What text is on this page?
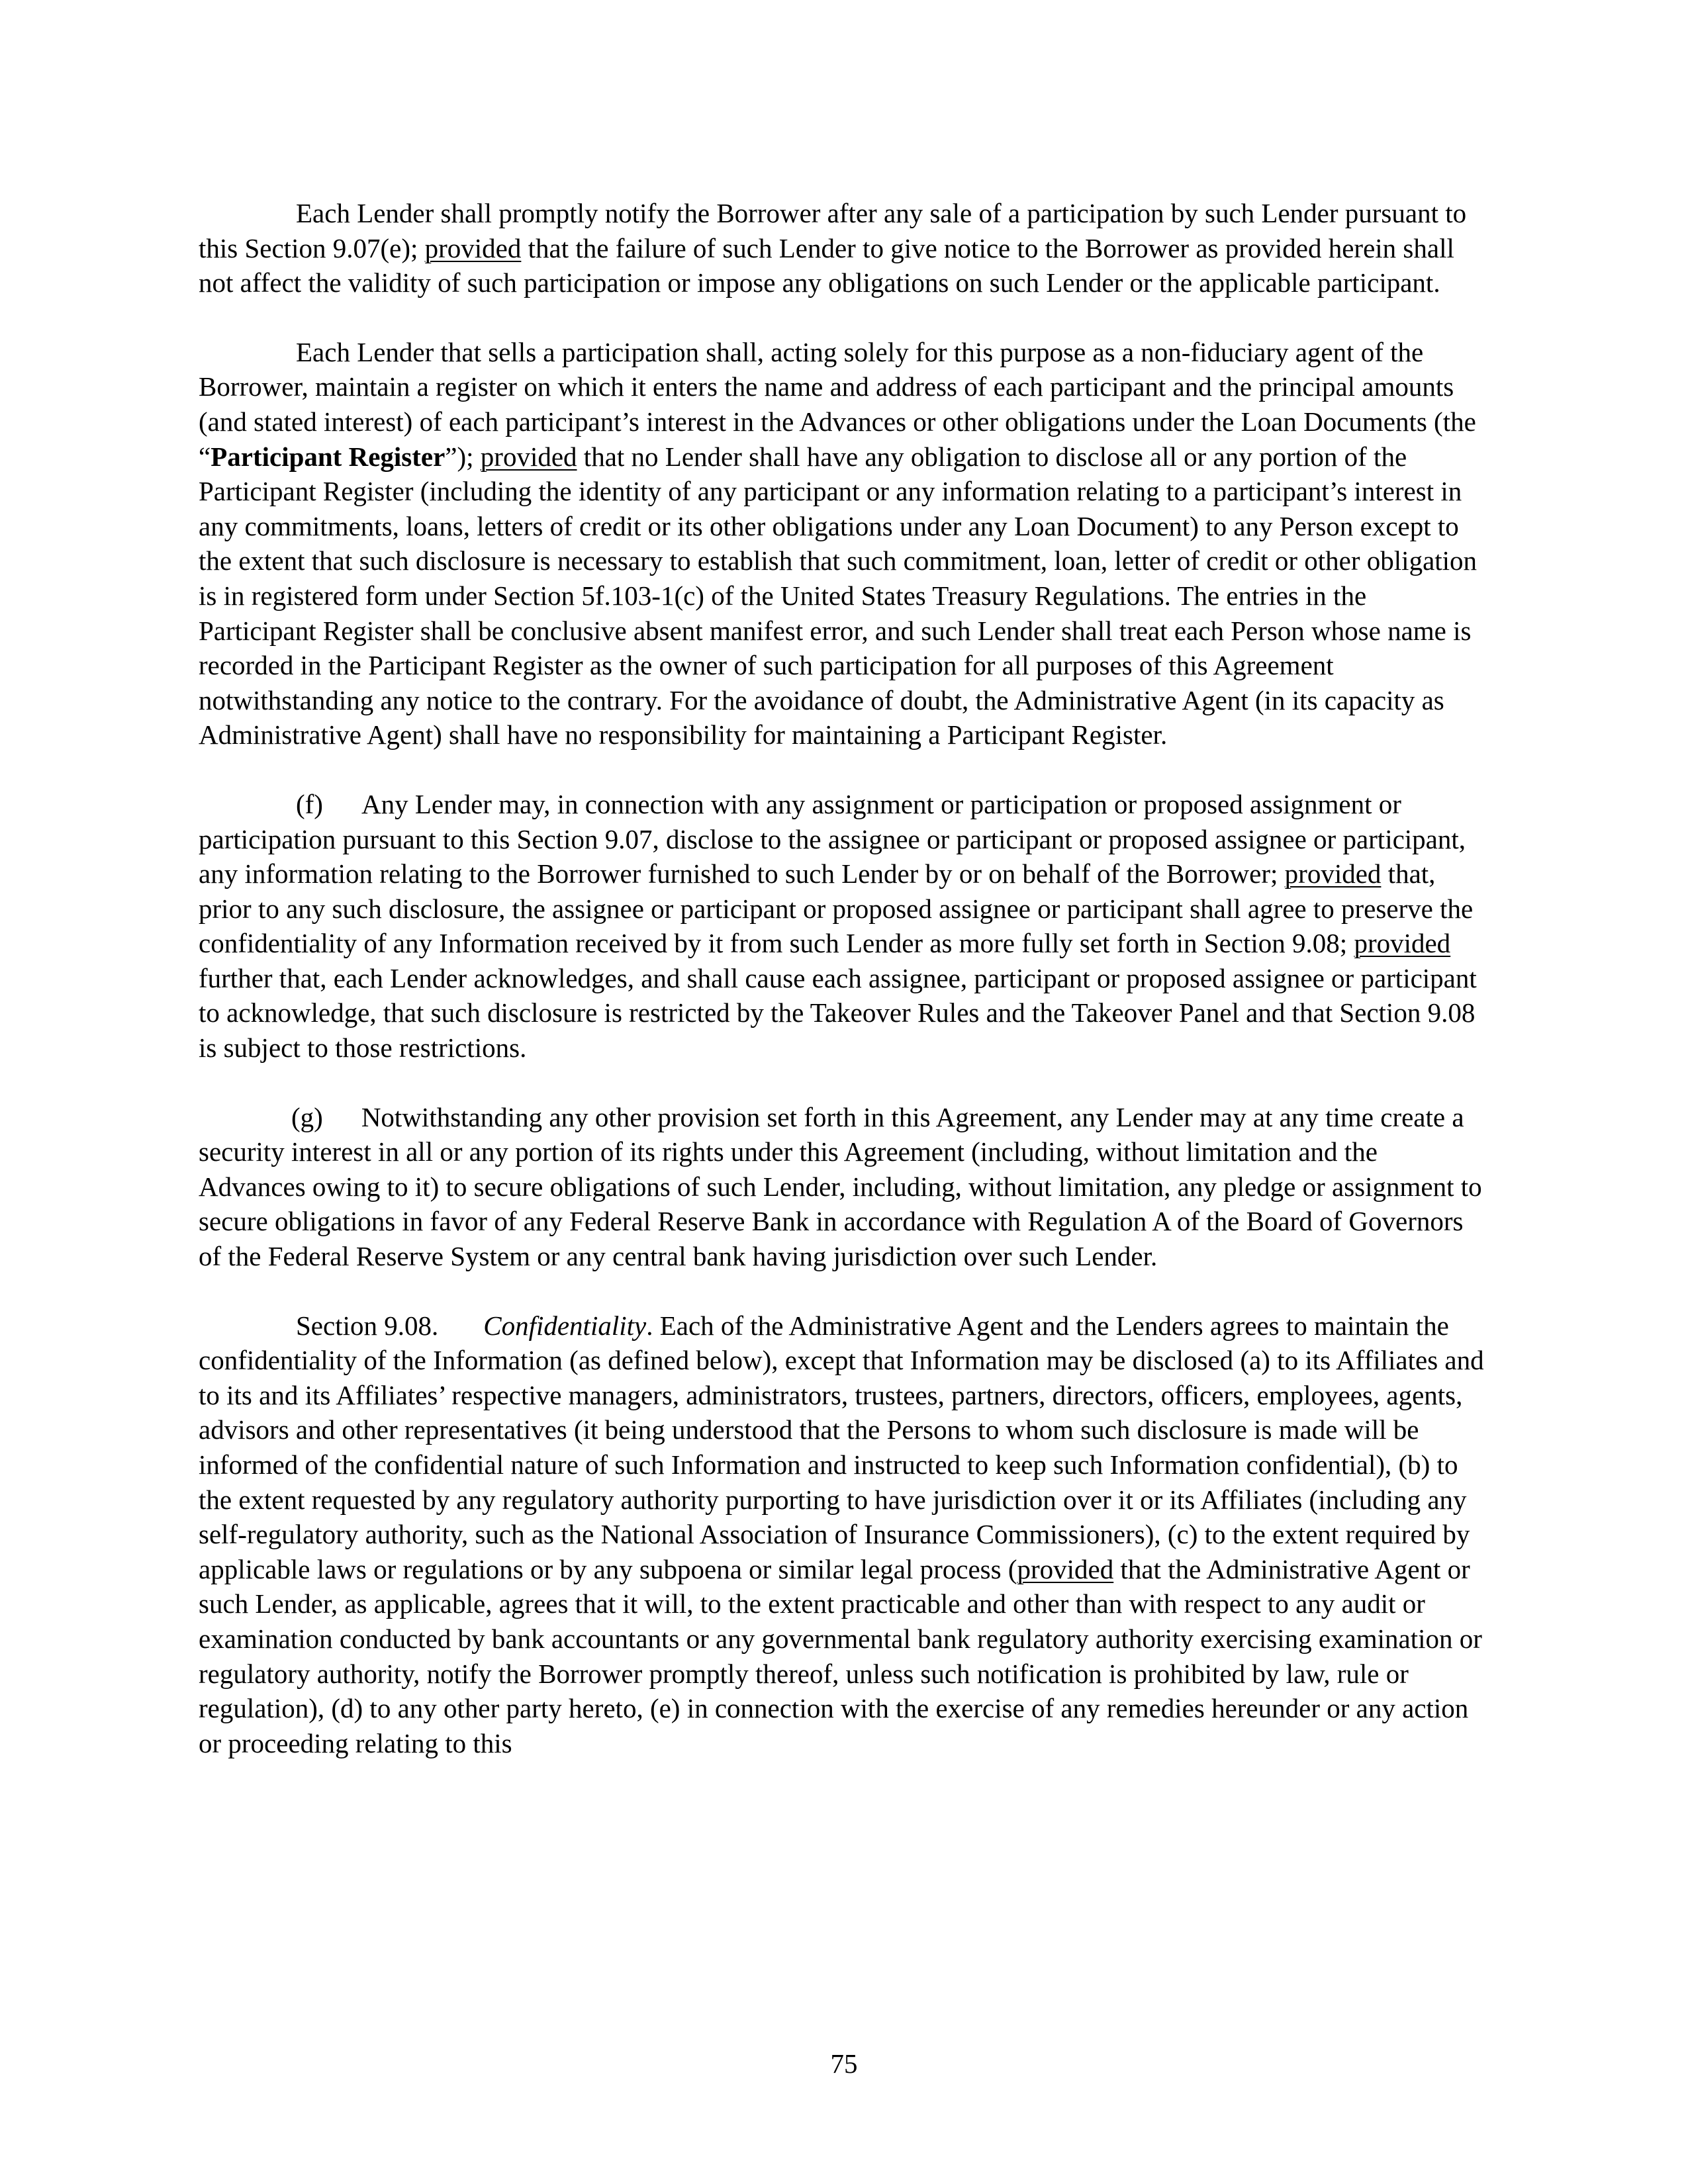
Each Lender shall promptly notify the Borrower after any sale of a participation by such Lender pursuant to this Section 9.07(e); provided that the failure of such Lender to give notice to the Borrower as provided herein shall not affect the validity of such participation or impose any obligations on such Lender or the applicable participant.

Each Lender that sells a participation shall, acting solely for this purpose as a non-fiduciary agent of the Borrower, maintain a register on which it enters the name and address of each participant and the principal amounts (and stated interest) of each participant’s interest in the Advances or other obligations under the Loan Documents (the “Participant Register”); provided that no Lender shall have any obligation to disclose all or any portion of the Participant Register (including the identity of any participant or any information relating to a participant’s interest in any commitments, loans, letters of credit or its other obligations under any Loan Document) to any Person except to the extent that such disclosure is necessary to establish that such commitment, loan, letter of credit or other obligation is in registered form under Section 5f.103-1(c) of the United States Treasury Regulations. The entries in the Participant Register shall be conclusive absent manifest error, and such Lender shall treat each Person whose name is recorded in the Participant Register as the owner of such participation for all purposes of this Agreement notwithstanding any notice to the contrary. For the avoidance of doubt, the Administrative Agent (in its capacity as Administrative Agent) shall have no responsibility for maintaining a Participant Register.

(f) Any Lender may, in connection with any assignment or participation or proposed assignment or participation pursuant to this Section 9.07, disclose to the assignee or participant or proposed assignee or participant, any information relating to the Borrower furnished to such Lender by or on behalf of the Borrower; provided that, prior to any such disclosure, the assignee or participant or proposed assignee or participant shall agree to preserve the confidentiality of any Information received by it from such Lender as more fully set forth in Section 9.08; provided further that, each Lender acknowledges, and shall cause each assignee, participant or proposed assignee or participant to acknowledge, that such disclosure is restricted by the Takeover Rules and the Takeover Panel and that Section 9.08 is subject to those restrictions.

(g) Notwithstanding any other provision set forth in this Agreement, any Lender may at any time create a security interest in all or any portion of its rights under this Agreement (including, without limitation and the Advances owing to it) to secure obligations of such Lender, including, without limitation, any pledge or assignment to secure obligations in favor of any Federal Reserve Bank in accordance with Regulation A of the Board of Governors of the Federal Reserve System or any central bank having jurisdiction over such Lender.

Section 9.08. Confidentiality. Each of the Administrative Agent and the Lenders agrees to maintain the confidentiality of the Information (as defined below), except that Information may be disclosed (a) to its Affiliates and to its and its Affiliates’ respective managers, administrators, trustees, partners, directors, officers, employees, agents, advisors and other representatives (it being understood that the Persons to whom such disclosure is made will be informed of the confidential nature of such Information and instructed to keep such Information confidential), (b) to the extent requested by any regulatory authority purporting to have jurisdiction over it or its Affiliates (including any self-regulatory authority, such as the National Association of Insurance Commissioners), (c) to the extent required by applicable laws or regulations or by any subpoena or similar legal process (provided that the Administrative Agent or such Lender, as applicable, agrees that it will, to the extent practicable and other than with respect to any audit or examination conducted by bank accountants or any governmental bank regulatory authority exercising examination or regulatory authority, notify the Borrower promptly thereof, unless such notification is prohibited by law, rule or regulation), (d) to any other party hereto, (e) in connection with the exercise of any remedies hereunder or any action or proceeding relating to this

75
